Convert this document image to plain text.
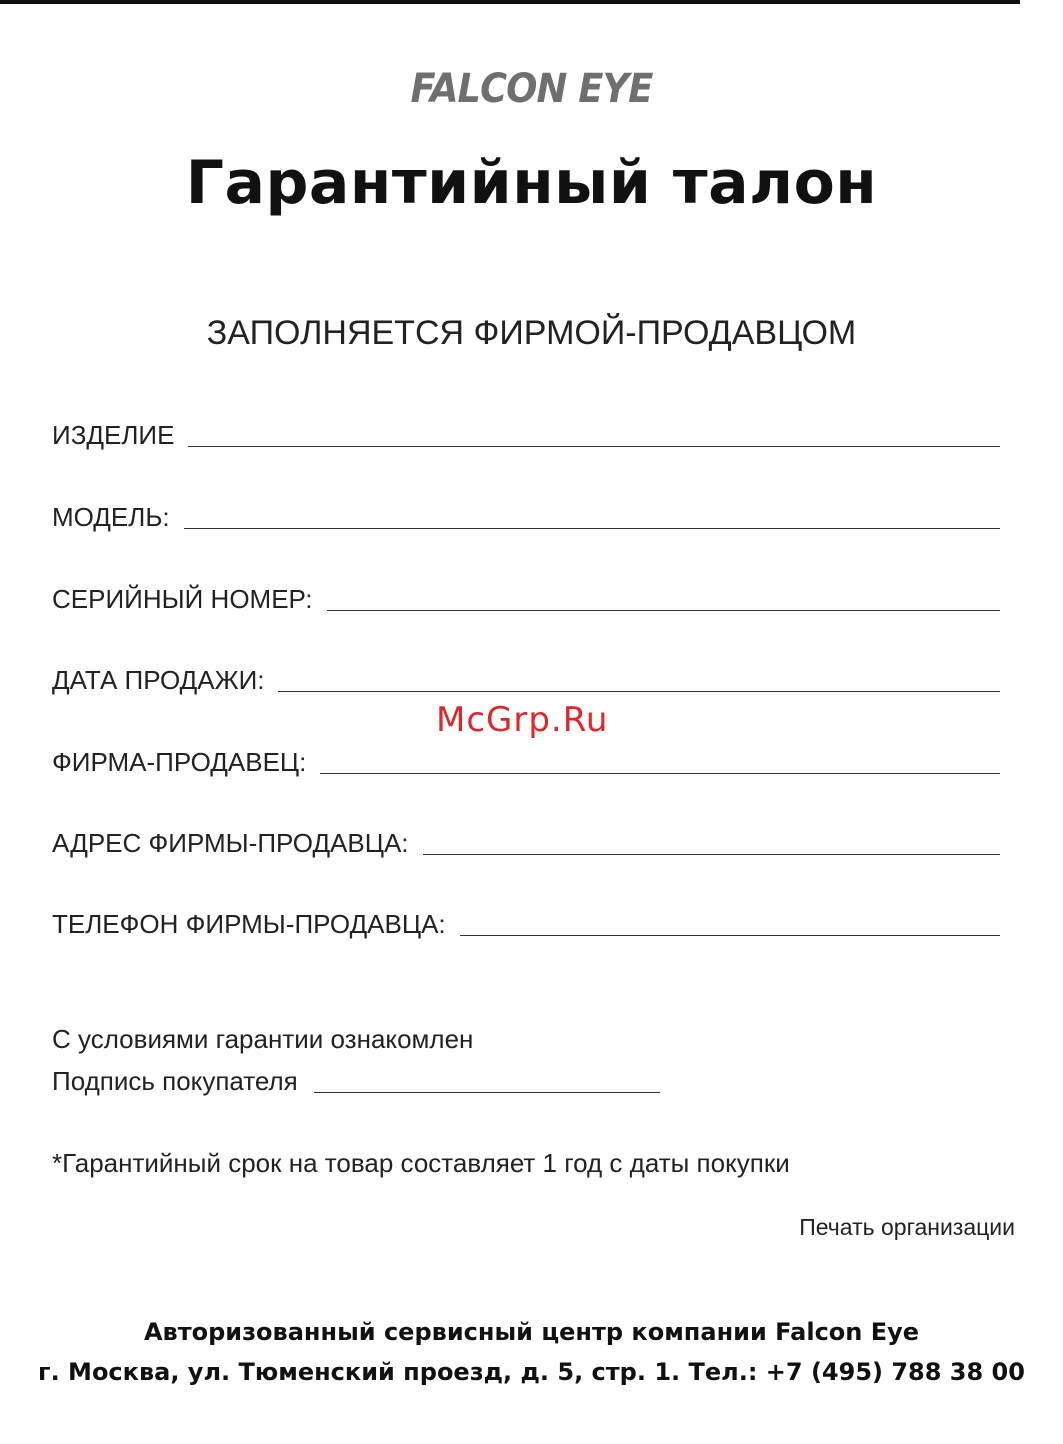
FALCON EYE
Гарантийный талон
ЗАПОЛНЯЕТСЯ ФИРМОЙ-ПРОДАВЦОМ
ИЗДЕЛИЕ
МОДЕЛЬ:
СЕРИЙНЫЙ НОМЕР:
ДАТА ПРОДАЖИ:
ФИРМА-ПРОДАВЕЦ:
АДРЕС ФИРМЫ-ПРОДАВЦА:
ТЕЛЕФОН ФИРМЫ-ПРОДАВЦА:
McGrp.Ru
С условиями гарантии ознакомлен
Подпись покупателя
*Гарантийный срок на товар составляет 1 год с даты покупки
Печать организации
Авторизованный сервисный центр компании Falcon Eye
г. Москва, ул. Тюменский проезд, д. 5, стр. 1. Тел.: +7 (495) 788 38 00
